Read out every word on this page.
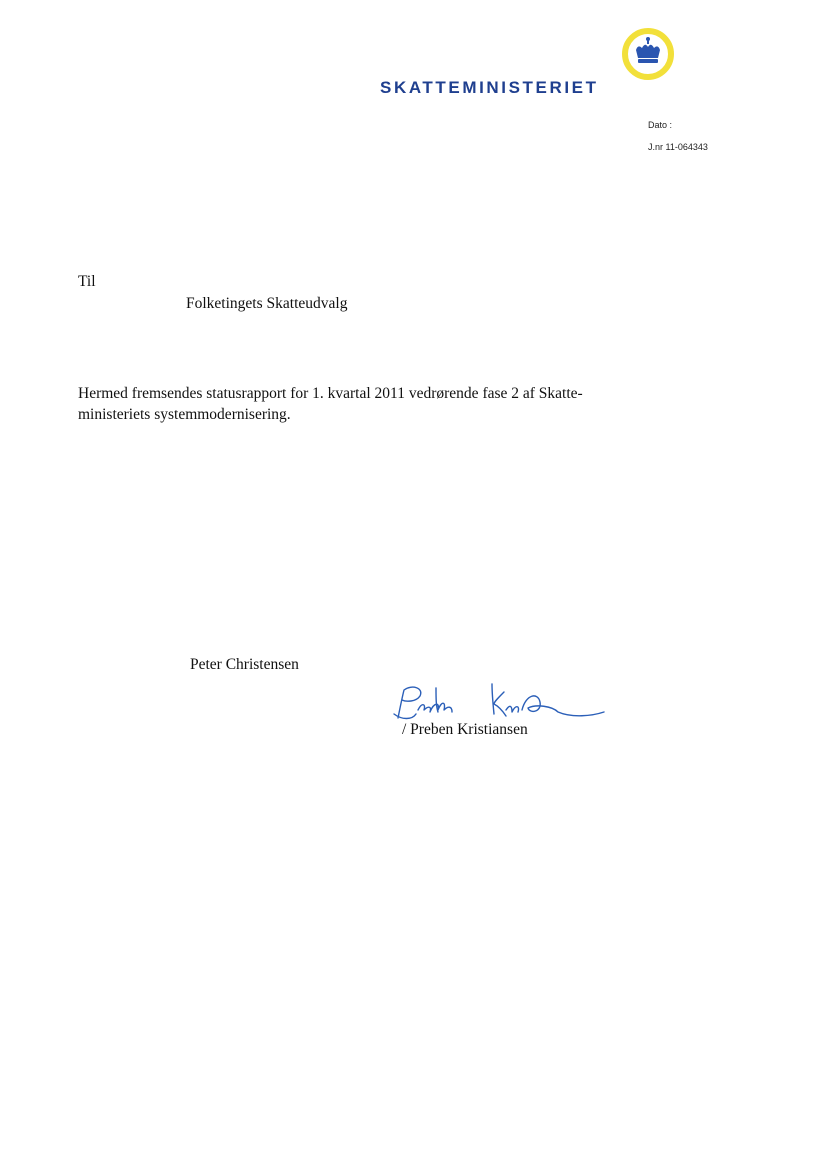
SKATTEMINISTERIET
Dato :
J.nr 11-064343
Til
Folketingets Skatteudvalg
Hermed fremsendes statusrapport for 1. kvartal 2011 vedrørende fase 2 af Skatte-
ministeriets systemmodernisering.
Peter Christensen
/ Preben Kristiansen
